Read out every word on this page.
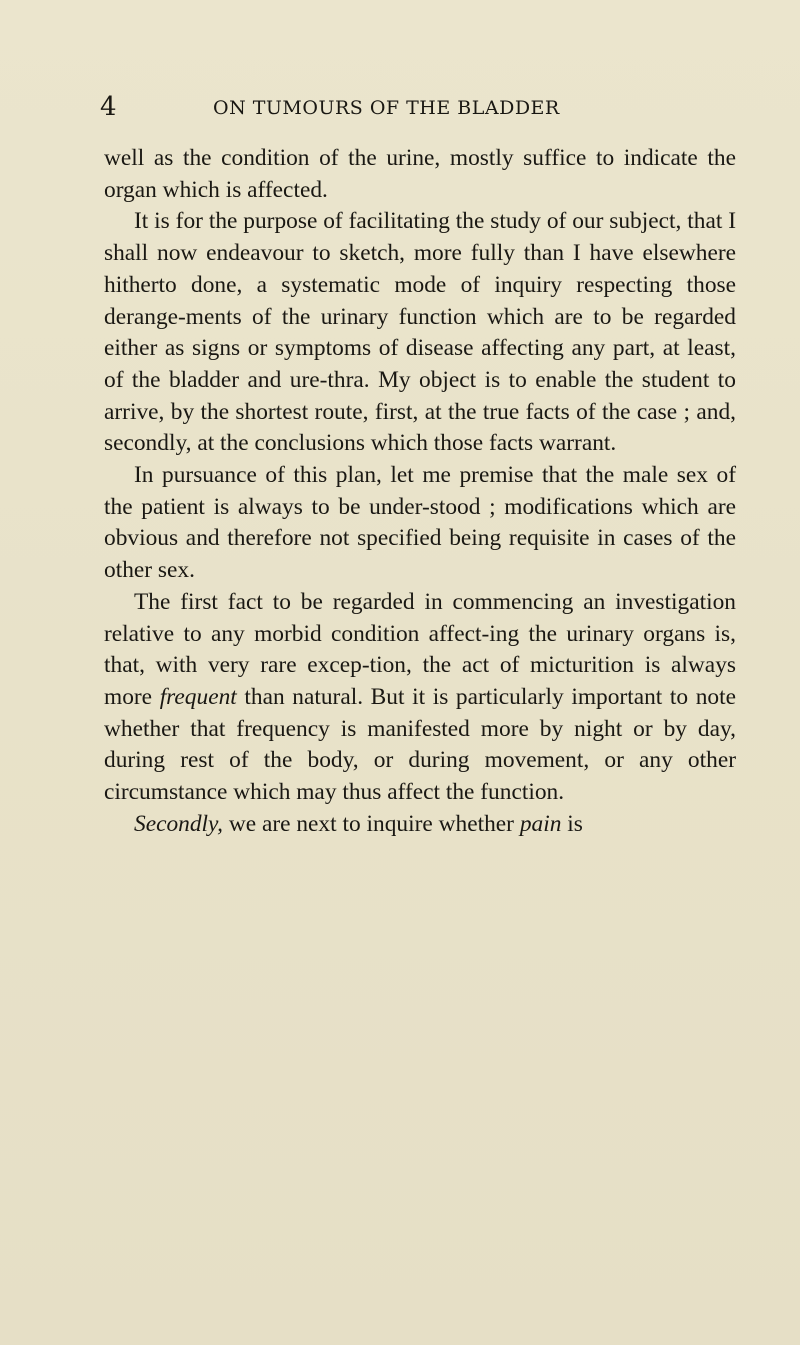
4	ON TUMOURS OF THE BLADDER

well as the condition of the urine, mostly suffice to indicate the organ which is affected.

It is for the purpose of facilitating the study of our subject, that I shall now endeavour to sketch, more fully than I have elsewhere hitherto done, a systematic mode of inquiry respecting those derange-ments of the urinary function which are to be regarded either as signs or symptoms of disease affecting any part, at least, of the bladder and ure-thra. My object is to enable the student to arrive, by the shortest route, first, at the true facts of the case ; and, secondly, at the conclusions which those facts warrant.

In pursuance of this plan, let me premise that the male sex of the patient is always to be under-stood ; modifications which are obvious and therefore not specified being requisite in cases of the other sex.

The first fact to be regarded in commencing an investigation relative to any morbid condition affect-ing the urinary organs is, that, with very rare excep-tion, the act of micturition is always more frequent than natural. But it is particularly important to note whether that frequency is manifested more by night or by day, during rest of the body, or during movement, or any other circumstance which may thus affect the function.

Secondly, we are next to inquire whether pain is
